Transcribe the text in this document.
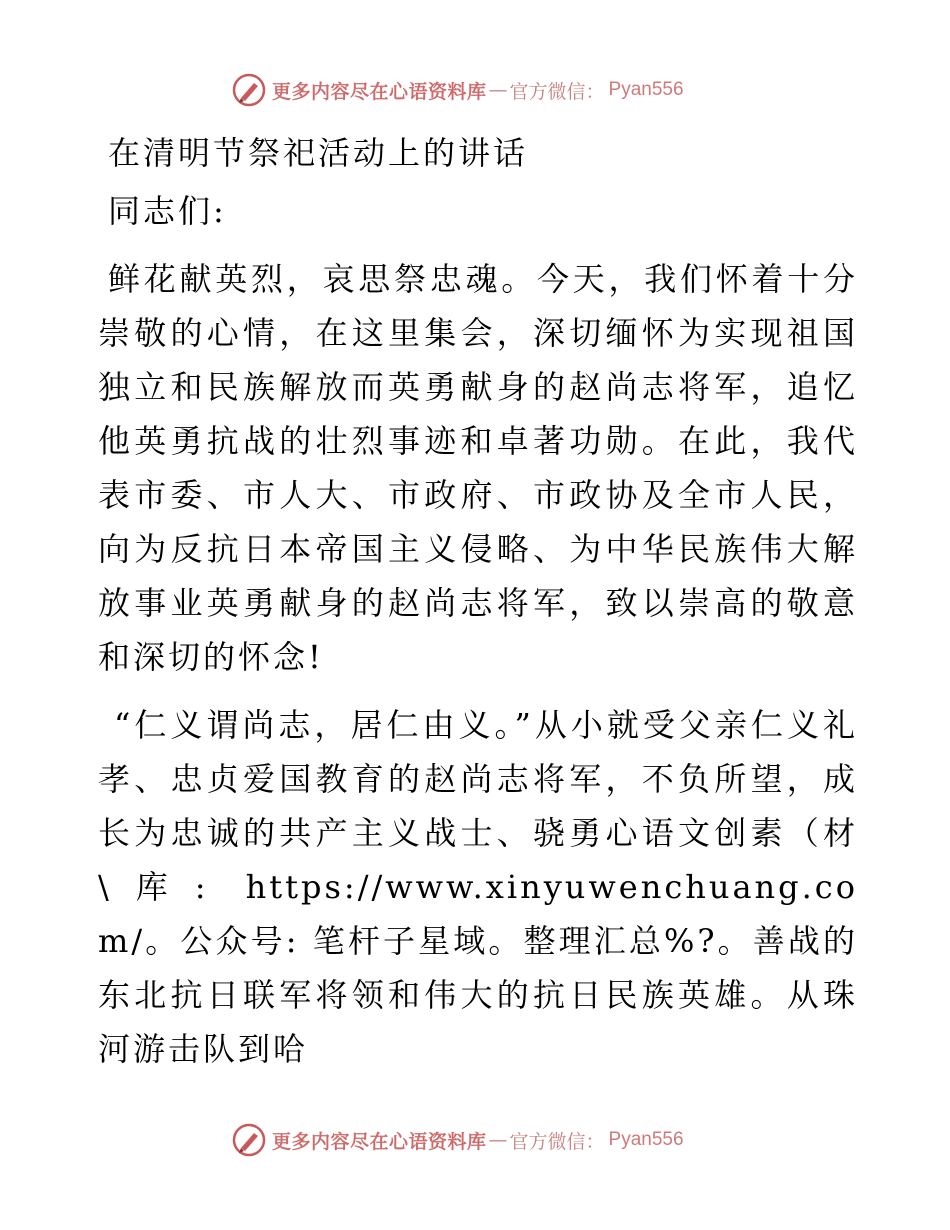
更多内容尽在心语资料库 — 官方微信： Pyan556
在清明节祭祀活动上的讲话
同志们:

鲜花献英烈，哀思祭忠魂。今天，我们怀着十分崇敬的心情，在这里集会，深切缅怀为实现祖国独立和民族解放而英勇献身的赵尚志将军，追忆他英勇抗战的壮烈事迹和卓著功勋。在此，我代表市委、市人大、市政府、市政协及全市人民，向为反抗日本帝国主义侵略、为中华民族伟大解放事业英勇献身的赵尚志将军，致以崇高的敬意和深切的怀念!

“仁义谓尚志，居仁由义。”从小就受父亲仁义礼孝、忠贞爱国教育的赵尚志将军，不负所望，成长为忠诚的共产主义战士、骁勇心语文创素（材\库: https://www.xinyuwenchuang.com/。公众号: 笔杆子星域。整理汇总%?。善战的东北抗日联军将领和伟大的抗日民族英雄。从珠河游击队到哈

更多内容尽在心语资料库 — 官方微信： Pyan556
